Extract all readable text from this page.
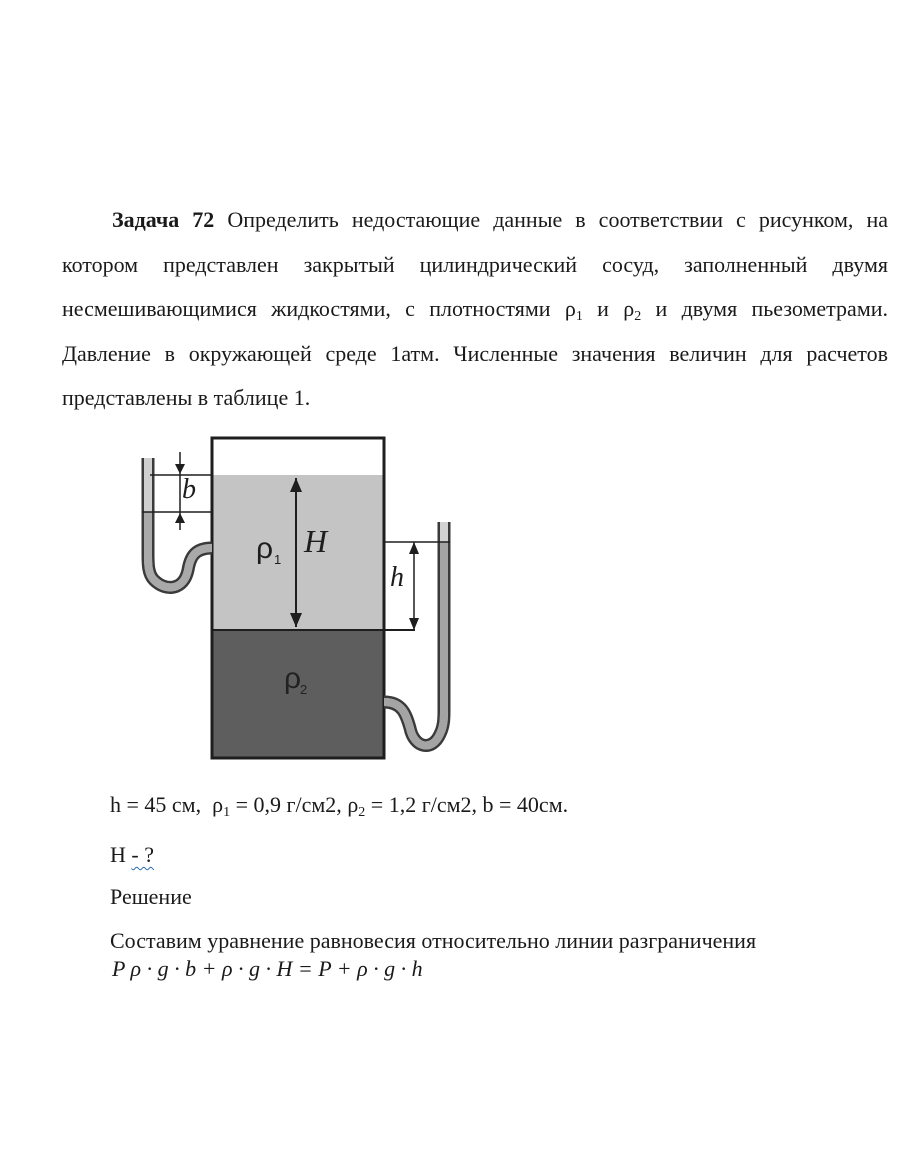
Задача 72 Определить недостающие данные в соответствии с рисунком, на котором представлен закрытый цилиндрический сосуд, заполненный двумя несмешивающимися жидкостями, с плотностями $\rho_1$ и $\rho_2$ и двумя пьезометрами. Давление в окружающей среде 1атм. Численные значения величин для расчетов представлены в таблице 1.

b
H
h
ρ 1
ρ
2

h = 45 см, $\rho_1 = 0,9$ г/см2, $\rho_2 = 1,2$ г/см2, b = 40см.

H - ?

Решение

Составим уравнение равновесия относительно линии разграничения

P ρ · g · b + ρ · g · H = P + ρ · g · h
